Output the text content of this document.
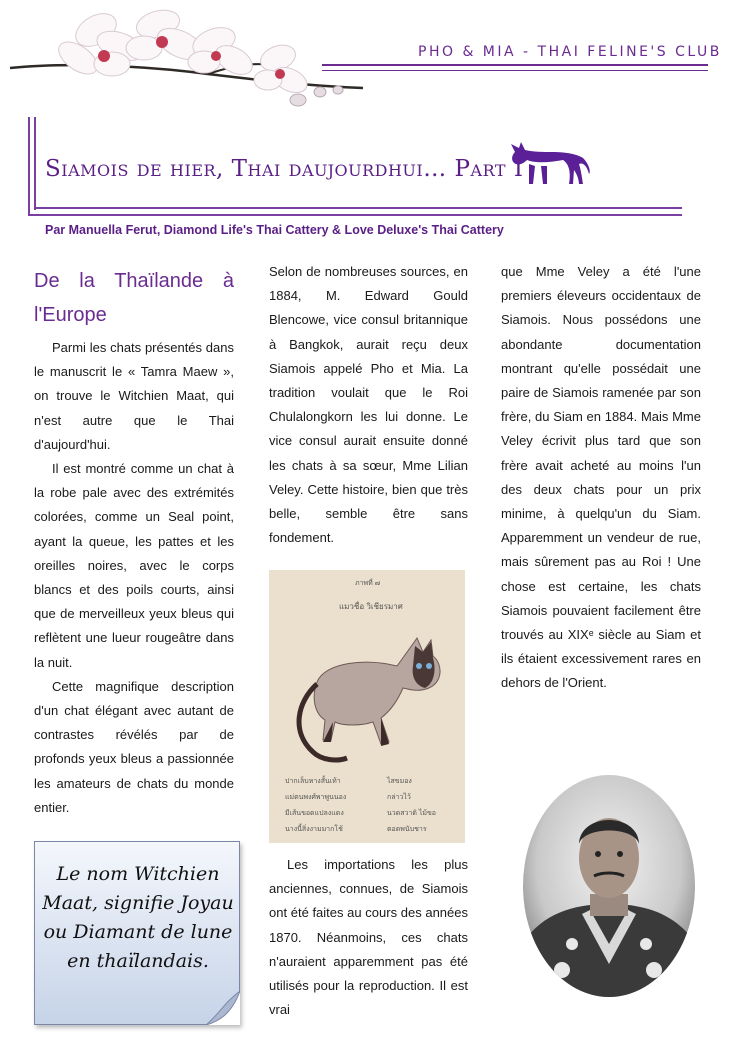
PHO & MIA - THAI FELINE'S CLUB
Siamois de hier, Thai daujourdhui… Part I
Par Manuella Ferut, Diamond Life's Thai Cattery & Love Deluxe's Thai Cattery
De la Thaïlande à l'Europe

Parmi les chats présentés dans le manuscrit le « Tamra Maew », on trouve le Witchien Maat, qui n'est autre que le Thai d'aujourd'hui.

Il est montré comme un chat à la robe pale avec des extrémités colorées, comme un Seal point, ayant la queue, les pattes et les oreilles noires, avec le corps blancs et des poils courts, ainsi que de merveilleux yeux bleus qui reflètent une lueur rougeâtre dans la nuit.

Cette magnifique description d'un chat élégant avec autant de contrastes révélés par de profonds yeux bleus a passionnée les amateurs de chats du monde entier.

Le nom Witchien Maat, signifie Joyau ou Diamant de lune en thaïlandais.

Selon de nombreuses sources, en 1884, M. Edward Gould Blencowe, vice consul britannique à Bangkok, aurait reçu deux Siamois appelé Pho et Mia. La tradition voulait que le Roi Chulalongkorn les lui donne. Le vice consul aurait ensuite donné les chats à sa sœur, Mme Lilian Veley. Cette histoire, bien que très belle, semble être sans fondement.

ภาพที่ ๗
แมวชื่อ วิเชียรมาศ
ปากเล็บหางสั้นเท้า
แม่ตนพงศ์พาพูนนอง
มีเส้นขอดแปลงแดง
นางนี้สิ่งงามมากโช้
ไสขมอง
กล่าวไว้
นวดสวาดิ ไม้ขอ
ตอดพนับชาร

Les importations les plus anciennes, connues, de Siamois ont été faites au cours des années 1870. Néanmoins, ces chats n'auraient apparemment pas été utilisés pour la reproduction. Il est vrai

que Mme Veley a été l'une premiers éleveurs occidentaux de Siamois. Nous possédons une abondante documentation montrant qu'elle possédait une paire de Siamois ramenée par son frère, du Siam en 1884. Mais Mme Veley écrivit plus tard que son frère avait acheté au moins l'un des deux chats pour un prix minime, à quelqu'un du Siam. Apparemment un vendeur de rue, mais sûrement pas au Roi ! Une chose est certaine, les chats Siamois pouvaient facilement être trouvés au XIXᵉ siècle au Siam et ils étaient excessivement rares en dehors de l'Orient.
